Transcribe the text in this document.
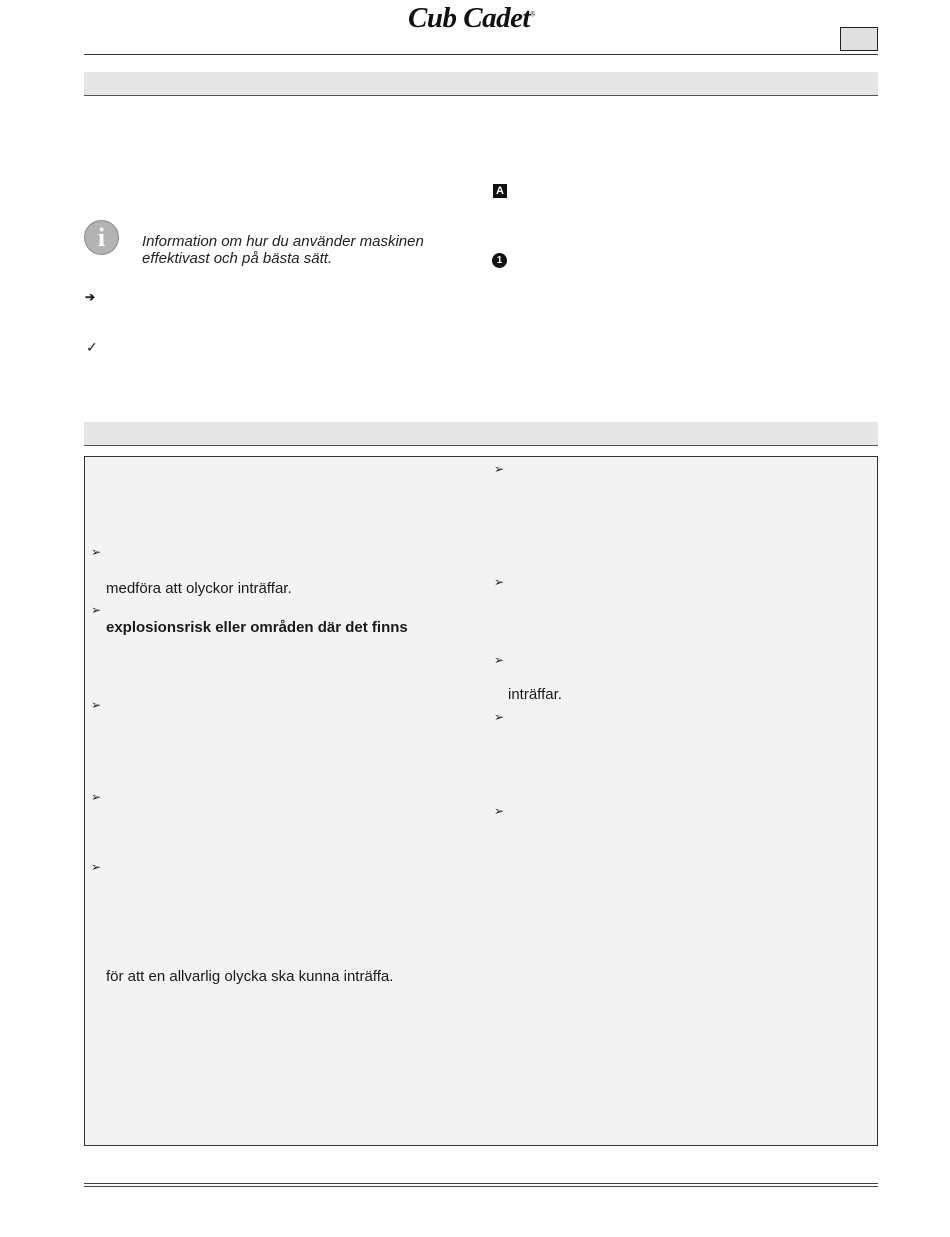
Cub Cadet®
A
1
i	Information om hur du använder maskinen effektivast och på bästa sätt.
➔
✓
➢
medföra att olyckor inträffar.
➢
explosionsrisk eller områden där det finns
➢
➢
➢
för att en allvarlig olycka ska kunna inträffa.
➢
➢
➢
inträffar.
➢
➢
